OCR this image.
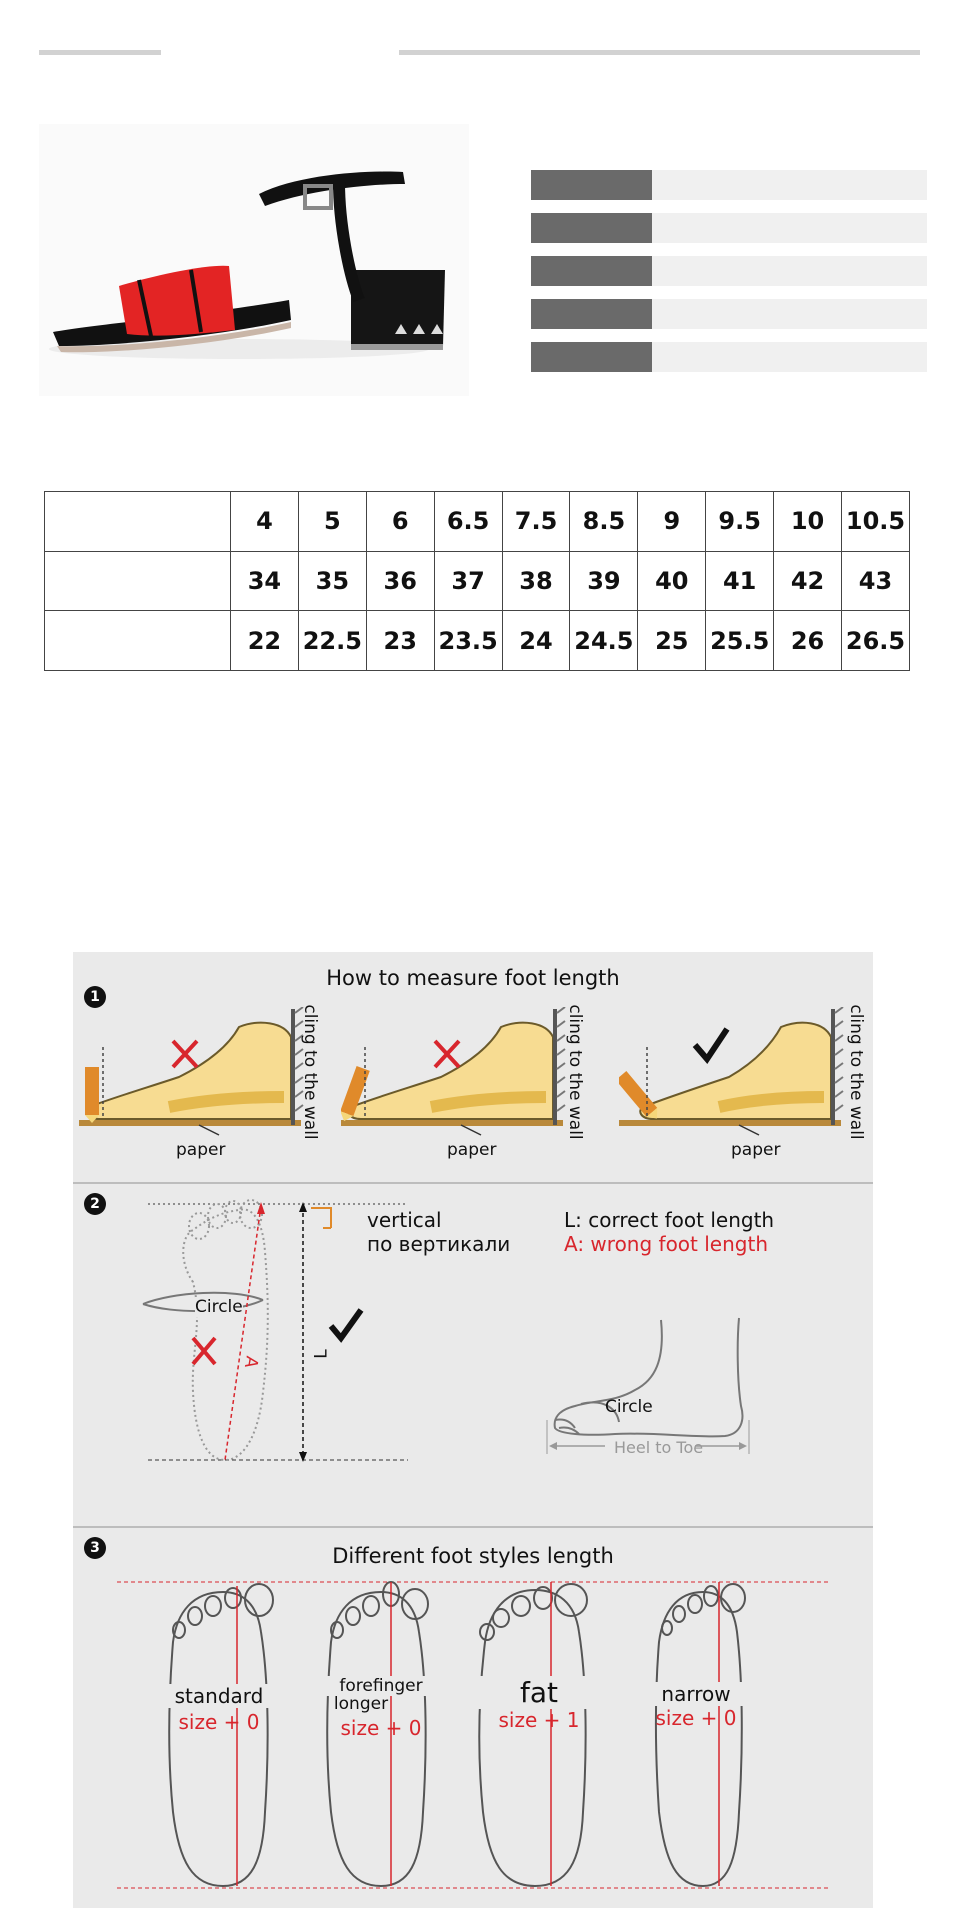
	4	5	6	6.5	7.5	8.5	9	9.5	10	10.5
	34	35	36	37	38	39	40	41	42	43
	22	22.5	23	23.5	24	24.5	25	25.5	26	26.5
1
How to measure foot length
paper
cling to the wall
paper
cling to the wall
paper
cling to the wall
2
Circle
A
L
vertical
по вертикали
L: correct foot length
A: wrong foot length
Circle
Heel to Toe
3	Different foot styles length
standard
size + 0
forefinger
longer
size + 0
fat
size + 1
narrow
size + 0
